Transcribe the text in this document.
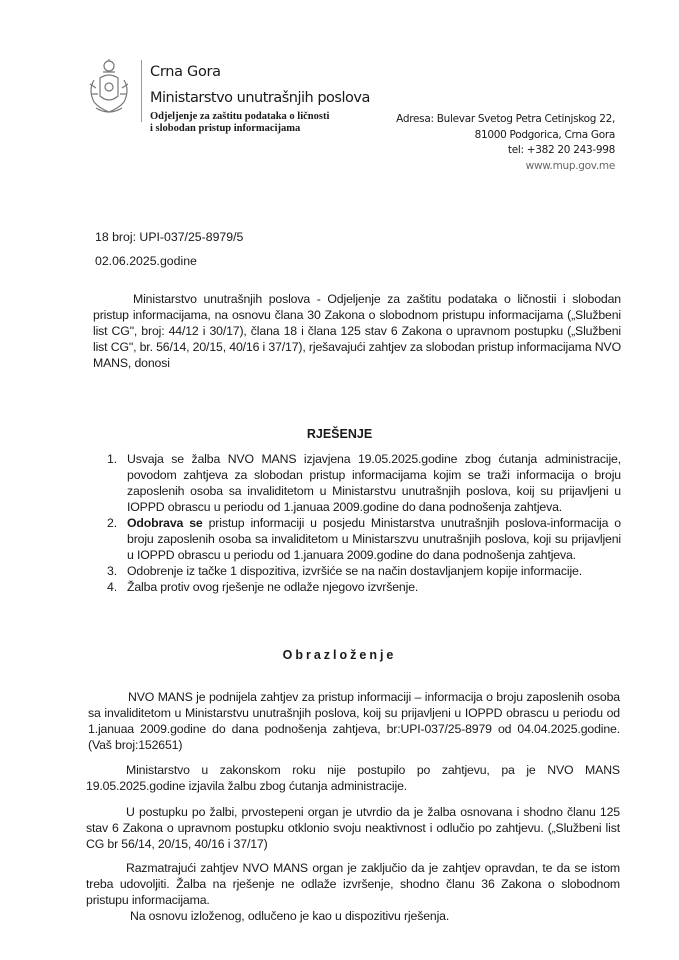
Crna Gora
Ministarstvo unutrašnjih poslova
Odjeljenje za zaštitu podataka o ličnosti
i slobodan pristup informacijama
Adresa: Bulevar Svetog Petra Cetinjskog 22,
81000 Podgorica, Crna Gora
tel: +382 20 243-998
www.mup.gov.me
18 broj: UPI-037/25-8979/5
02.06.2025.godine
Ministarstvo unutrašnjih poslova - Odjeljenje za zaštitu podataka o ličnostii i slobodan pristup informacijama, na osnovu člana 30 Zakona o slobodnom pristupu informacijama („Službeni list CG", broj: 44/12 i 30/17), člana 18 i člana 125 stav 6 Zakona o upravnom postupku („Službeni list CG", br. 56/14, 20/15, 40/16 i 37/17), rješavajući zahtjev za slobodan pristup informacijama NVO MANS, donosi
RJEŠENJE
1. Usvaja se žalba NVO MANS izjavjena 19.05.2025.godine zbog ćutanja administracije, povodom zahtjeva za slobodan pristup informacijama kojim se traži informacija o broju zaposlenih osoba sa invaliditetom u Ministarstvu unutrašnjih poslova, koij su prijavljeni u IOPPD obrascu u periodu od 1.januaa 2009.godine do dana podnošenja zahtjeva.
2. Odobrava se pristup informaciji u posjedu Ministarstva unutrašnjih poslova-informacija o broju zaposlenih osoba sa invaliditetom u Ministarszvu unutrašnjih poslova, koji su prijavljeni u IOPPD obrascu u periodu od 1.januara 2009.godine do dana podnošenja zahtjeva.
3. Odobrenje iz tačke 1 dispozitiva, izvršiće se na način dostavljanjem kopije informacije.
4. Žalba protiv ovog rješenje ne odlaže njegovo izvršenje.
Obrazloženje
NVO MANS je podnijela zahtjev za pristup informaciji – informacija o broju zaposlenih osoba sa invaliditetom u Ministarstvu unutrašnjih poslova, koij su prijavljeni u IOPPD obrascu u periodu od 1.januaa 2009.godine do dana podnošenja zahtjeva, br:UPI-037/25-8979 od 04.04.2025.godine. (Vaš broj:152651)
Ministarstvo u zakonskom roku nije postupilo po zahtjevu, pa je NVO MANS 19.05.2025.godine izjavila žalbu zbog ćutanja administracije.
U postupku po žalbi, prvostepeni organ je utvrdio da je žalba osnovana i shodno članu 125 stav 6 Zakona o upravnom postupku otklonio svoju neaktivnost i odlučio po zahtjevu. („Službeni list CG br 56/14, 20/15, 40/16 i 37/17)
Razmatrajući zahtjev NVO MANS organ je zaključio da je zahtjev opravdan, te da se istom treba udovoljiti. Žalba na rješenje ne odlaže izvršenje, shodno članu 36 Zakona o slobodnom pristupu informacijama.
Na osnovu izloženog, odlučeno je kao u dispozitivu rješenja.
